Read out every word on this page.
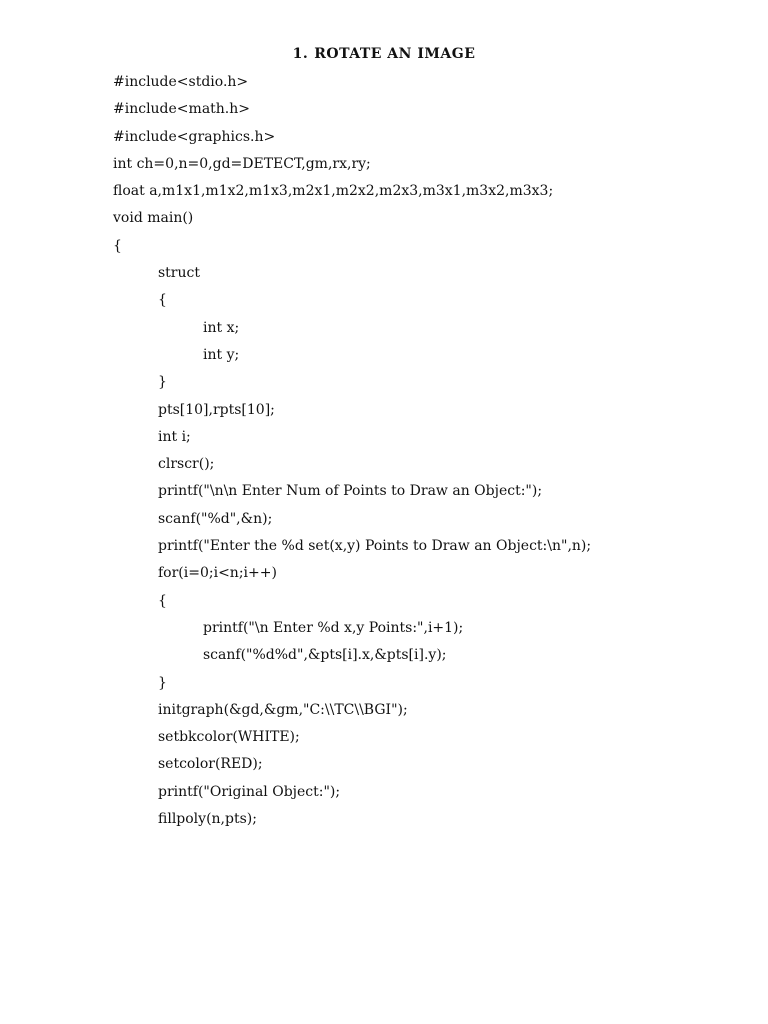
1. ROTATE AN IMAGE
#include<stdio.h>
#include<math.h>
#include<graphics.h>
int ch=0,n=0,gd=DETECT,gm,rx,ry;
float a,m1x1,m1x2,m1x3,m2x1,m2x2,m2x3,m3x1,m3x2,m3x3;
void main()
{
struct
{
int x;
int y;
}
pts[10],rpts[10];
int i;
clrscr();
printf("\n\n Enter Num of Points to Draw an Object:");
scanf("%d",&n);
printf("Enter the %d set(x,y) Points to Draw an Object:\n",n);
for(i=0;i<n;i++)
{
printf("\n Enter %d x,y Points:",i+1);
scanf("%d%d",&pts[i].x,&pts[i].y);
}
initgraph(&gd,&gm,"C:\\TC\\BGI");
setbkcolor(WHITE);
setcolor(RED);
printf("Original Object:");
fillpoly(n,pts);
